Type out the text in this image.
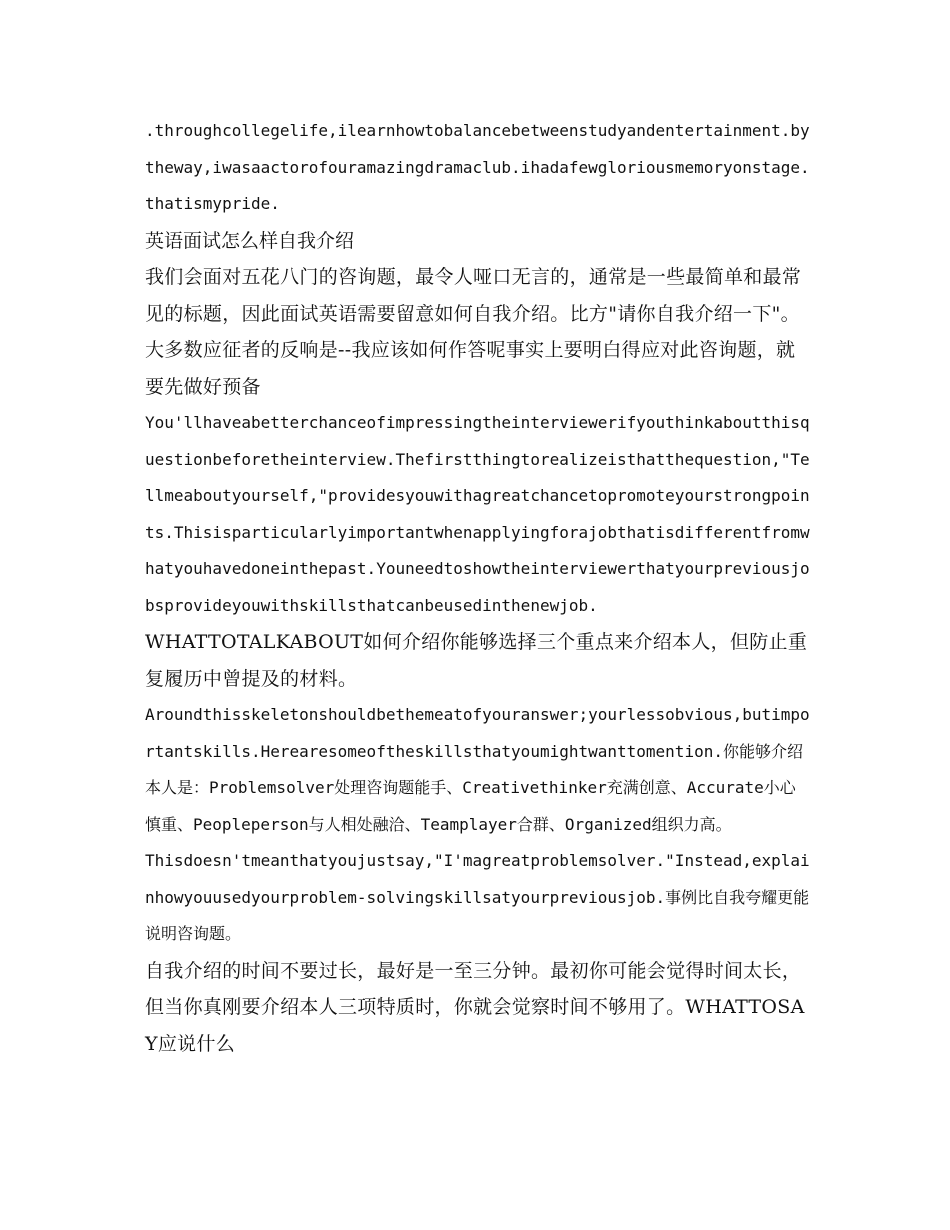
.throughcollegelife,ilearnhowtobalancebetweenstudyandentertainment.bytheway,iwasaactorofouramazingdramaclub.ihadafewgloriousmemoryonstage.thatismypride.

英语面试怎么样自我介绍

我们会面对五花八门的咨询题，最令人哑口无言的，通常是一些最简单和最常见的标题，因此面试英语需要留意如何自我介绍。比方"请你自我介绍一下"。大多数应征者的反响是--我应该如何作答呢事实上要明白得应对此咨询题，就要先做好预备

You'llhaveabetterchanceofimpressingtheinterviewerifyouthinkaboutthisquestionbeforetheinterview.Thefirstthingtorealizeisthatthequestion,"Tellmeaboutyourself,"providesyouwithagreatchancetopromoteyourstrongpoints.Thisisparticularlyimportantwhenapplyingforajobthatisdifferentfromwhatyouhavedoneinthepast.Youneedtoshowtheinterviewerthatyourpreviousjobsprovideyouwithskillsthatcanbeusedinthenewjob.

WHATTOTALKABOUT如何介绍你能够选择三个重点来介绍本人，但防止重复履历中曾提及的材料。

Aroundthisskeletonshouldbethemeatofyouranswer;yourlessobvious,butimportantskills.Herearesomeoftheskillsthatyoumightwanttomention.你能够介绍本人是：Problemsolver处理咨询题能手、Creativethinker充满创意、Accurate小心慎重、Peopleperson与人相处融洽、Teamplayer合群、Organized组织力高。

Thisdoesn'tmeanthatyoujustsay,"I'magreatproblemsolver."Instead,explainhowyouusedyourproblem-solvingskillsatyourpreviousjob.事例比自我夸耀更能说明咨询题。

自我介绍的时间不要过长，最好是一至三分钟。最初你可能会觉得时间太长，但当你真刚要介绍本人三项特质时，你就会觉察时间不够用了。WHATTOSAY应说什么
